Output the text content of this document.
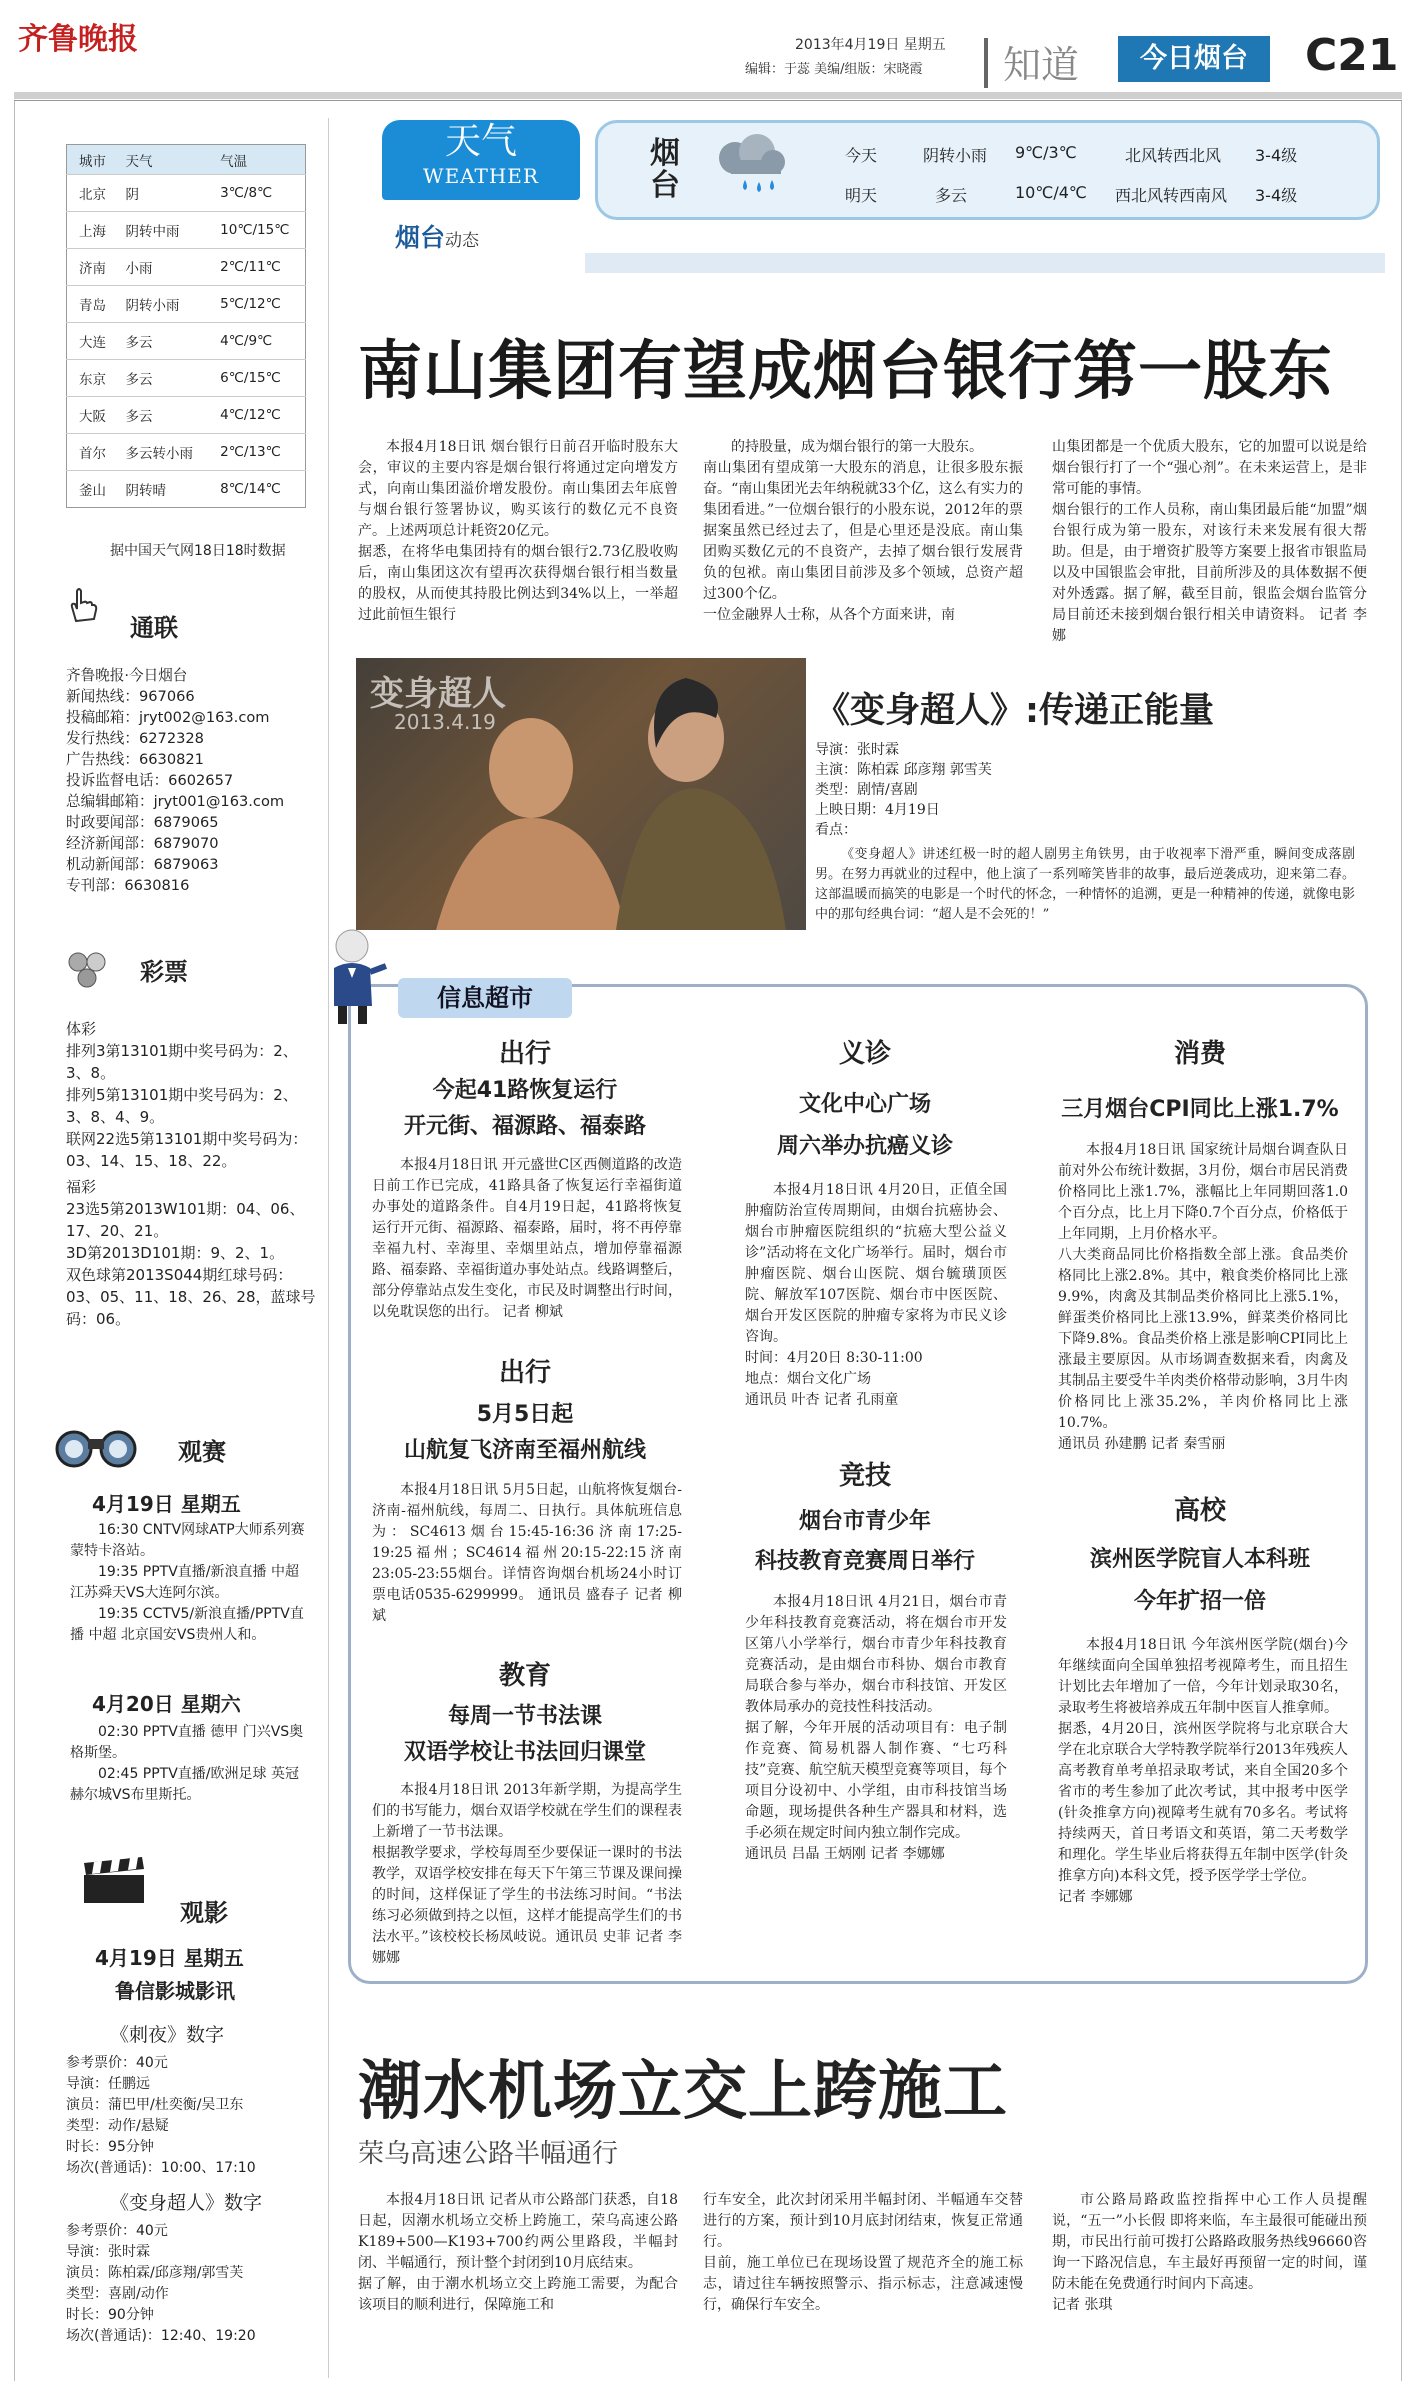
齐鲁晚报	2013年4月19日 星期五
编辑：于蕊 美编/组版：宋晓霞 知道	今日烟台	C21
城市	天气	气温
北京	阴	3℃/8℃
上海	阴转中雨	10℃/15℃
济南	小雨	2℃/11℃
青岛	阴转小雨	5℃/12℃
大连	多云	4℃/9℃
东京	多云	6℃/15℃
大阪	多云	4℃/12℃
首尔	多云转小雨	2℃/13℃
釜山	阴转晴	8℃/14℃
据中国天气网18日18时数据
通联

齐鲁晚报·今日烟台

新闻热线：967066

投稿邮箱：jryt002@163.com

发行热线：6272328

广告热线：6630821

投诉监督电话：6602657

总编辑邮箱：jryt001@163.com

时政要闻部：6879065

经济新闻部：6879070

机动新闻部：6879063

专刊部：6630816

彩票

体彩

排列3第13101期中奖号码为：2、3、8。

排列5第13101期中奖号码为：2、3、8、4、9。

联网22选5第13101期中奖号码为：03、14、15、18、22。

福彩

23选5第2013W101期：04、06、17、20、21。

3D第2013D101期：9、2、1。

双色球第2013S044期红球号码：03、05、11、18、26、28，蓝球号码：06。

观赛
4月19日 星期五

16:30 CNTV网球ATP大师系列赛蒙特卡洛站。

19:35 PPTV直播/新浪直播 中超 江苏舜天VS大连阿尔滨。

19:35 CCTV5/新浪直播/PPTV直播 中超 北京国安VS贵州人和。

4月20日 星期六

02:30 PPTV直播 德甲 门兴VS奥格斯堡。

02:45 PPTV直播/欧洲足球 英冠 赫尔城VS布里斯托。

观影
4月19日 星期五
鲁信影城影讯
《刺夜》数字

参考票价：40元

导演：任鹏远

演员：蒲巴甲/杜奕衡/吴卫东

类型：动作/悬疑

时长：95分钟

场次(普通话)：10:00、17:10

《变身超人》数字

参考票价：40元

导演：张时霖

演员：陈柏霖/邱彦翔/郭雪芙

类型：喜剧/动作

时长：90分钟

场次(普通话)：12:40、19:20

天气
WEATHER
烟台动态
烟台
今天	阴转小雨 9℃/3℃	北风转西北风 3-4级
明天	多云	10℃/4℃ 西北风转西南风 3-4级
南山集团有望成烟台银行第一股东
本报4月18日讯 烟台银行日前召开临时股东大会，审议的主要内容是烟台银行将通过定向增发方式，向南山集团溢价增发股份。南山集团去年底曾与烟台银行签署协议，购买该行的数亿元不良资产。上述两项总计耗资20亿元。
据悉，在将华电集团持有的烟台银行2.73亿股收购后，南山集团这次有望再次获得烟台银行相当数量的股权，从而使其持股比例达到34%以上，一举超过此前恒生银行
的持股量，成为烟台银行的第一大股东。
南山集团有望成第一大股东的消息，让很多股东振奋。“南山集团光去年纳税就33个亿，这么有实力的集团看进。”一位烟台银行的小股东说，2012年的票据案虽然已经过去了，但是心里还是没底。南山集团购买数亿元的不良资产，去掉了烟台银行发展背负的包袱。南山集团目前涉及多个领域，总资产超过300个亿。
一位金融界人士称，从各个方面来讲，南
山集团都是一个优质大股东，它的加盟可以说是给烟台银行打了一个“强心剂”。在未来运营上，是非常可能的事情。
烟台银行的工作人员称，南山集团最后能“加盟”烟台银行成为第一股东，对该行未来发展有很大帮助。但是，由于增资扩股等方案要上报省市银监局以及中国银监会审批，目前所涉及的具体数据不便对外透露。据了解，截至目前，银监会烟台监管分局目前还未接到烟台银行相关申请资料。 记者 李娜
变身超人
2013.4.19	《变身超人》:传递正能量

导演：张时霖

主演：陈柏霖 邱彦翔 郭雪芙

类型：剧情/喜剧

上映日期：4月19日

看点：

《变身超人》讲述红极一时的超人剧男主角铁男，由于收视率下滑严重，瞬间变成落剧男。在努力再就业的过程中，他上演了一系列啼笑皆非的故事，最后逆袭成功，迎来第二春。这部温暖而搞笑的电影是一个时代的怀念，一种情怀的追溯，更是一种精神的传递，就像电影中的那句经典台词：“超人是不会死的！”
信息超市
出行
今起41路恢复运行
开元街、福源路、福泰路
本报4月18日讯 开元盛世C区西侧道路的改造日前工作已完成，41路具备了恢复运行幸福街道办事处的道路条件。自4月19日起，41路将恢复运行开元街、福源路、福泰路，届时，将不再停靠幸福九村、幸海里、幸烟里站点，增加停靠福源路、福泰路、幸福街道办事处站点。线路调整后，部分停靠站点发生变化，市民及时调整出行时间，以免耽误您的出行。 记者 柳斌
出行
5月5日起
山航复飞济南至福州航线
本报4月18日讯 5月5日起，山航将恢复烟台-济南-福州航线，每周二、日执行。具体航班信息为：SC4613烟台15:45-16:36济南17:25-19:25福州；SC4614福州20:15-22:15济南23:05-23:55烟台。详情咨询烟台机场24小时订票电话0535-6299999。 通讯员 盛春子 记者 柳斌
教育
每周一节书法课
双语学校让书法回归课堂
本报4月18日讯 2013年新学期，为提高学生们的书写能力，烟台双语学校就在学生们的课程表上新增了一节书法课。
根据教学要求，学校每周至少要保证一课时的书法教学，双语学校安排在每天下午第三节课及课间操的时间，这样保证了学生的书法练习时间。“书法练习必须做到持之以恒，这样才能提高学生们的书法水平。”该校校长杨凤岐说。通讯员 史菲 记者 李娜娜
义诊
文化中心广场
周六举办抗癌义诊
本报4月18日讯 4月20日，正值全国肿瘤防治宣传周期间，由烟台抗癌协会、烟台市肿瘤医院组织的“抗癌大型公益义诊”活动将在文化广场举行。届时，烟台市肿瘤医院、烟台山医院、烟台毓璜顶医院、解放军107医院、烟台市中医医院、烟台开发区医院的肿瘤专家将为市民义诊咨询。
时间：4月20日 8:30-11:00
地点：烟台文化广场
通讯员 叶杏 记者 孔雨童
竞技
烟台市青少年
科技教育竞赛周日举行
本报4月18日讯 4月21日，烟台市青少年科技教育竞赛活动，将在烟台市开发区第八小学举行，烟台市青少年科技教育竞赛活动，是由烟台市科协、烟台市教育局联合参与举办，烟台市科技馆、开发区教体局承办的竞技性科技活动。
据了解，今年开展的活动项目有：电子制作竞赛、简易机器人制作赛、“七巧科技”竞赛、航空航天模型竞赛等项目，每个项目分设初中、小学组，由市科技馆当场命题，现场提供各种生产器具和材料，选手必须在规定时间内独立制作完成。
通讯员 吕晶 王炳刚 记者 李娜娜
消费
三月烟台CPI同比上涨1.7%
本报4月18日讯 国家统计局烟台调查队日前对外公布统计数据，3月份，烟台市居民消费价格同比上涨1.7%，涨幅比上年同期回落1.0个百分点，比上月下降0.7个百分点，价格低于上年同期，上月价格水平。
八大类商品同比价格指数全部上涨。食品类价格同比上涨2.8%。其中，粮食类价格同比上涨9.9%，肉禽及其制品类价格同比上涨5.1%，鲜蛋类价格同比上涨13.9%，鲜菜类价格同比下降9.8%。食品类价格上涨是影响CPI同比上涨最主要原因。从市场调查数据来看，肉禽及其制品主要受牛羊肉类价格带动影响，3月牛肉价格同比上涨35.2%，羊肉价格同比上涨10.7%。
通讯员 孙建鹏 记者 秦雪丽
高校
滨州医学院盲人本科班
今年扩招一倍
本报4月18日讯 今年滨州医学院(烟台)今年继续面向全国单独招考视障考生，而且招生计划比去年增加了一倍，今年计划录取30名，录取考生将被培养成五年制中医盲人推拿师。
据悉，4月20日，滨州医学院将与北京联合大学在北京联合大学特教学院举行2013年残疾人高考教育单考单招录取考试，来自全国20多个省市的考生参加了此次考试，其中报考中医学(针灸推拿方向)视障考生就有70多名。考试将持续两天，首日考语文和英语，第二天考数学和理化。学生毕业后将获得五年制中医学(针灸推拿方向)本科文凭，授予医学学士学位。
记者 李娜娜
潮水机场立交上跨施工
荣乌高速公路半幅通行
本报4月18日讯 记者从市公路部门获悉，自18日起，因潮水机场立交桥上跨施工，荣乌高速公路K189+500—K193+700约两公里路段，半幅封闭、半幅通行，预计整个封闭到10月底结束。
据了解，由于潮水机场立交上跨施工需要，为配合该项目的顺利进行，保障施工和
行车安全，此次封闭采用半幅封闭、半幅通车交替进行的方案，预计到10月底封闭结束，恢复正常通行。
目前，施工单位已在现场设置了规范齐全的施工标志，请过往车辆按照警示、指示标志，注意减速慢行，确保行车安全。
市公路局路政监控指挥中心工作人员提醒说，“五一”小长假 即将来临，车主最很可能碰出预期，市民出行前可拨打公路路政服务热线96660咨询一下路况信息，车主最好再预留一定的时间，谨防未能在免费通行时间内下高速。
记者 张琪
